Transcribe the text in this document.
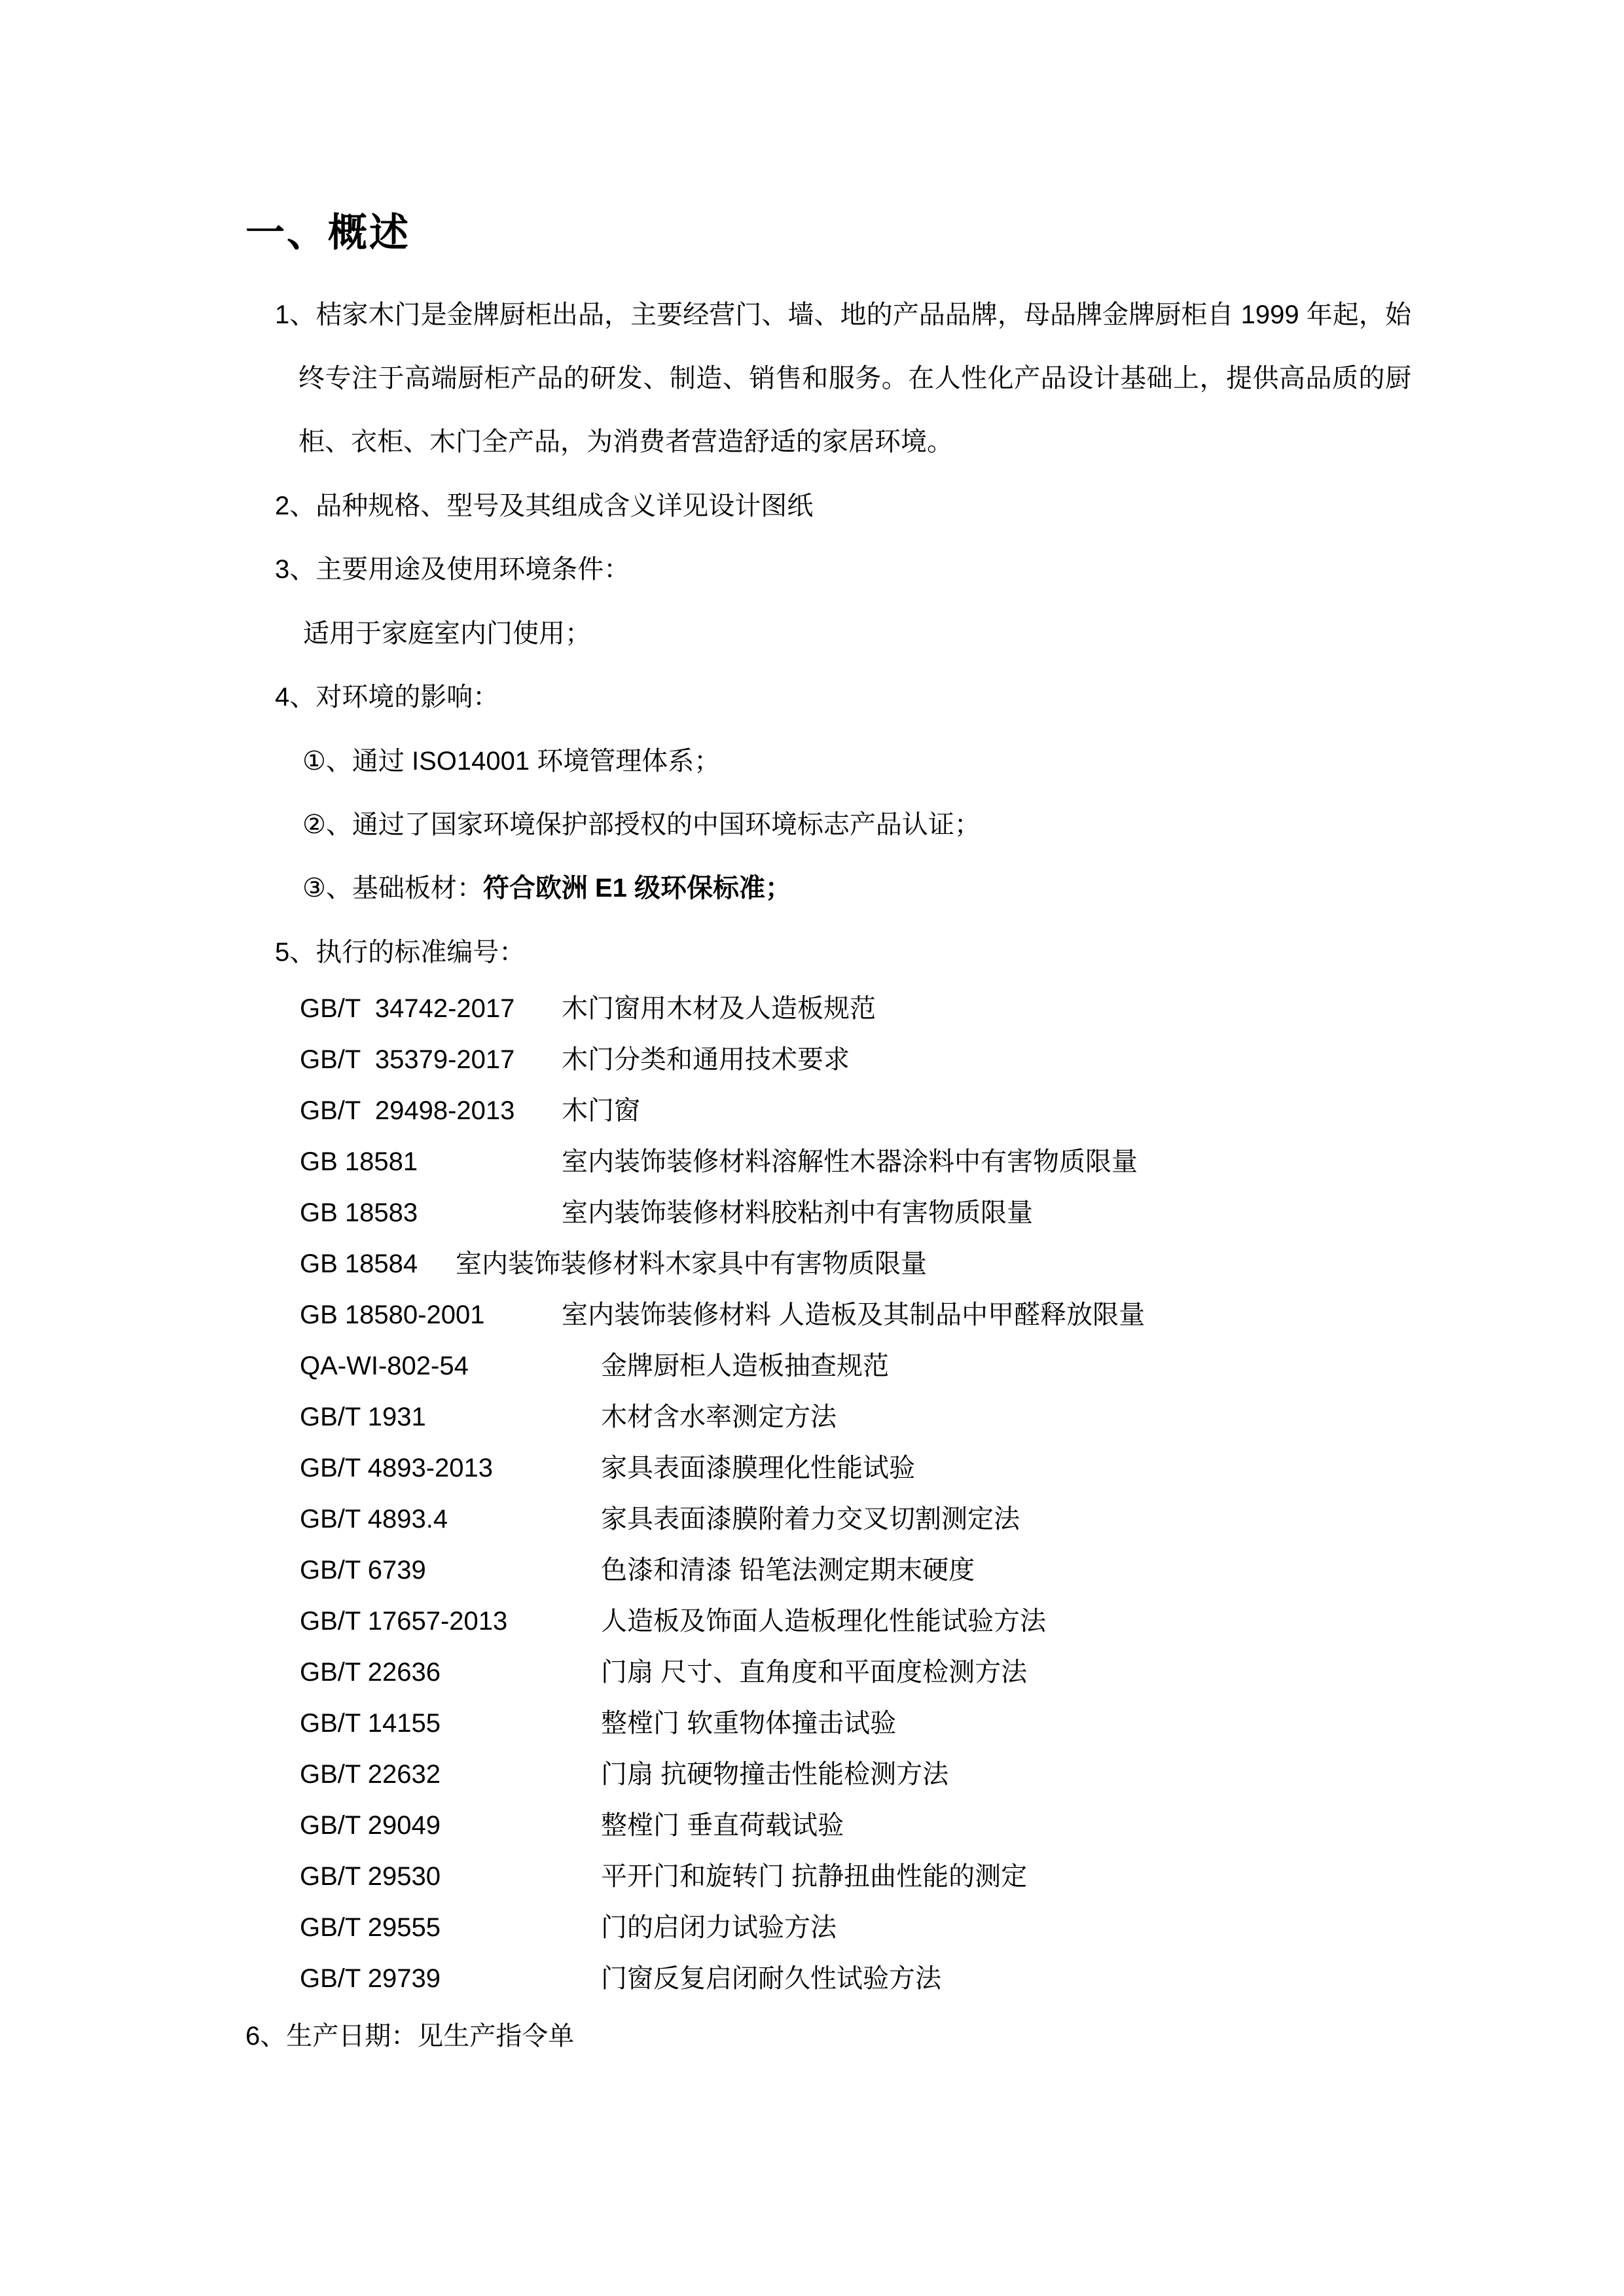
一、概述
1、桔家木门是金牌厨柜出品，主要经营门、墙、地的产品品牌，母品牌金牌厨柜自 1999 年起，始终专注于高端厨柜产品的研发、制造、销售和服务。在人性化产品设计基础上，提供高品质的厨柜、衣柜、木门全产品，为消费者营造舒适的家居环境。
2、品种规格、型号及其组成含义详见设计图纸
3、主要用途及使用环境条件：
适用于家庭室内门使用；
4、对环境的影响：
①、通过 ISO14001 环境管理体系；
②、通过了国家环境保护部授权的中国环境标志产品认证；
③、基础板材：符合欧洲 E1 级环保标准；
5、执行的标准编号：
GB/T  34742-2017	木门窗用木材及人造板规范
GB/T  35379-2017	木门分类和通用技术要求
GB/T  29498-2013	木门窗
GB 18581	室内装饰装修材料溶解性木器涂料中有害物质限量
GB 18583	室内装饰装修材料胶粘剂中有害物质限量
GB 18584	室内装饰装修材料木家具中有害物质限量
GB 18580-2001	室内装饰装修材料 人造板及其制品中甲醛释放限量
QA-WI-802-54	金牌厨柜人造板抽查规范
GB/T 1931	木材含水率测定方法
GB/T 4893-2013	家具表面漆膜理化性能试验
GB/T 4893.4	家具表面漆膜附着力交叉切割测定法
GB/T 6739	色漆和清漆 铅笔法测定期末硬度
GB/T 17657-2013	人造板及饰面人造板理化性能试验方法
GB/T 22636	门扇 尺寸、直角度和平面度检测方法
GB/T 14155	整樘门 软重物体撞击试验
GB/T 22632	门扇 抗硬物撞击性能检测方法
GB/T 29049	整樘门 垂直荷载试验
GB/T 29530	平开门和旋转门 抗静扭曲性能的测定
GB/T 29555	门的启闭力试验方法
GB/T 29739	门窗反复启闭耐久性试验方法
6、生产日期：见生产指令单
